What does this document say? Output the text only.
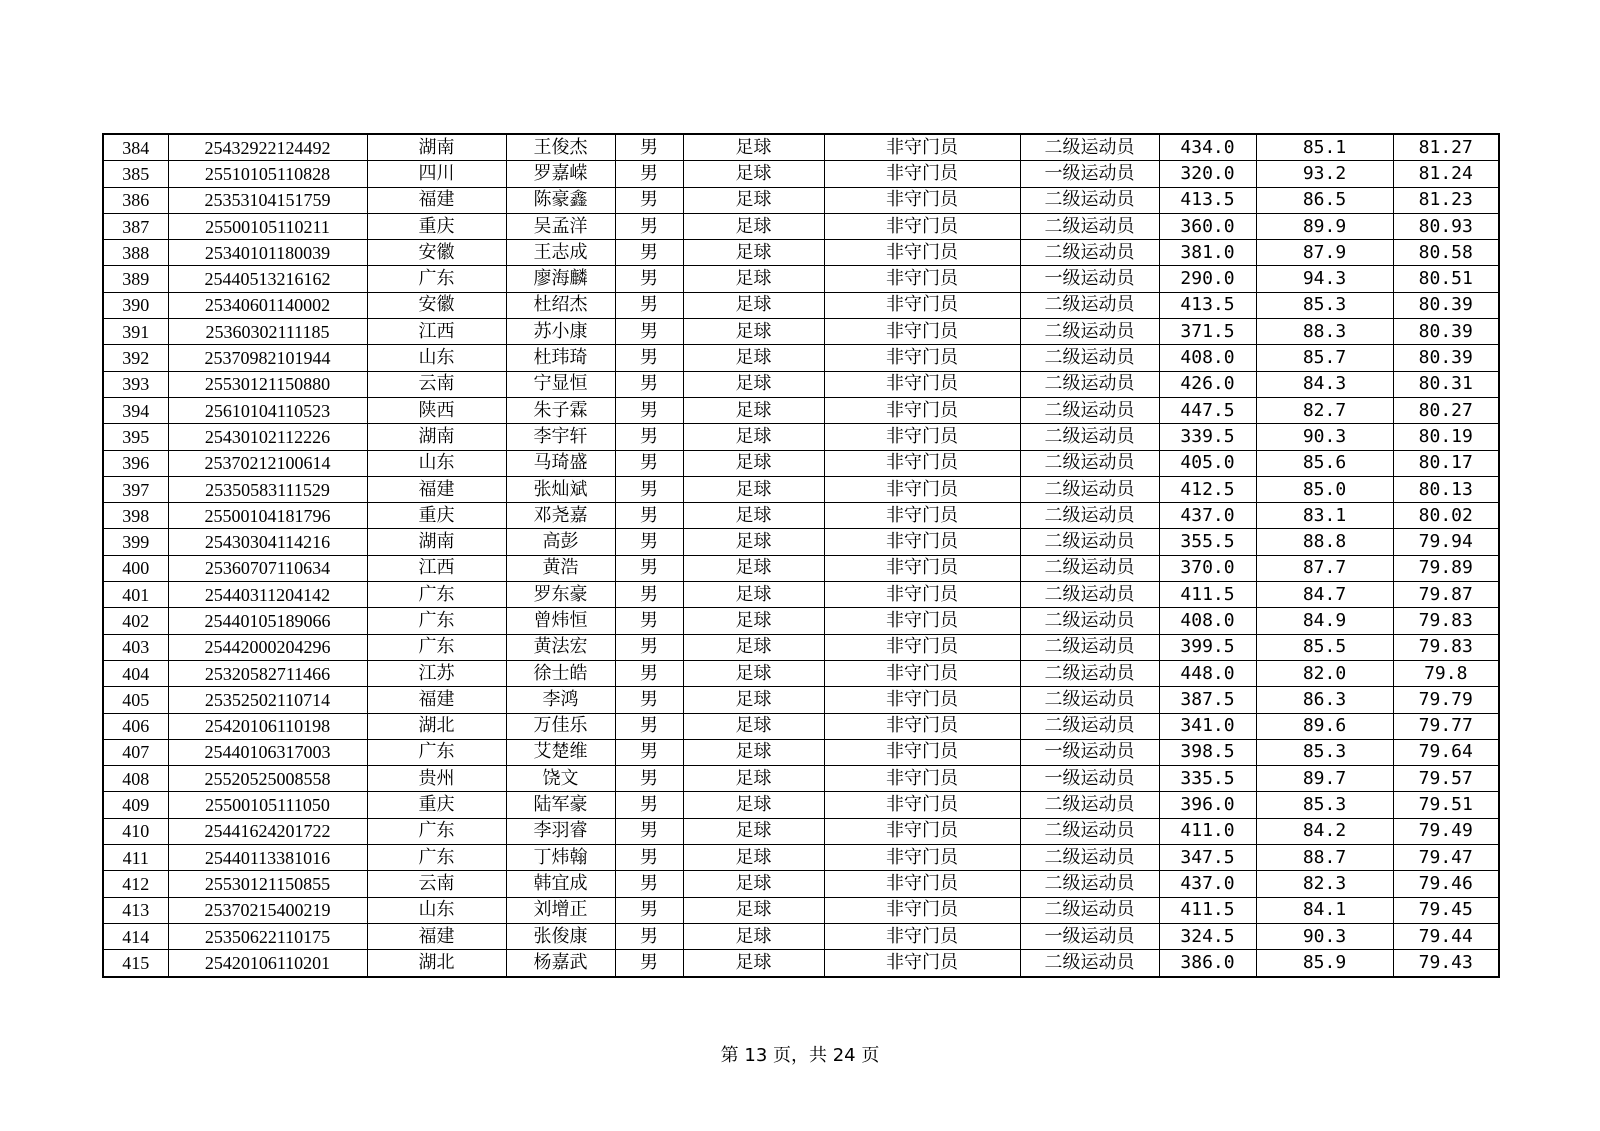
384	25432922124492	湖南	王俊杰	男	足球	非守门员	二级运动员	434.0	85.1	81.27
385	25510105110828	四川	罗嘉嵘	男	足球	非守门员	一级运动员	320.0	93.2	81.24
386	25353104151759	福建	陈豪鑫	男	足球	非守门员	二级运动员	413.5	86.5	81.23
387	25500105110211	重庆	吴孟洋	男	足球	非守门员	二级运动员	360.0	89.9	80.93
388	25340101180039	安徽	王志成	男	足球	非守门员	二级运动员	381.0	87.9	80.58
389	25440513216162	广东	廖海麟	男	足球	非守门员	一级运动员	290.0	94.3	80.51
390	25340601140002	安徽	杜绍杰	男	足球	非守门员	二级运动员	413.5	85.3	80.39
391	25360302111185	江西	苏小康	男	足球	非守门员	二级运动员	371.5	88.3	80.39
392	25370982101944	山东	杜玮琦	男	足球	非守门员	二级运动员	408.0	85.7	80.39
393	25530121150880	云南	宁显恒	男	足球	非守门员	二级运动员	426.0	84.3	80.31
394	25610104110523	陕西	朱子霖	男	足球	非守门员	二级运动员	447.5	82.7	80.27
395	25430102112226	湖南	李宇轩	男	足球	非守门员	二级运动员	339.5	90.3	80.19
396	25370212100614	山东	马琦盛	男	足球	非守门员	二级运动员	405.0	85.6	80.17
397	25350583111529	福建	张灿斌	男	足球	非守门员	二级运动员	412.5	85.0	80.13
398	25500104181796	重庆	邓尧嘉	男	足球	非守门员	二级运动员	437.0	83.1	80.02
399	25430304114216	湖南	高彭	男	足球	非守门员	二级运动员	355.5	88.8	79.94
400	25360707110634	江西	黄浩	男	足球	非守门员	二级运动员	370.0	87.7	79.89
401	25440311204142	广东	罗东豪	男	足球	非守门员	二级运动员	411.5	84.7	79.87
402	25440105189066	广东	曾炜恒	男	足球	非守门员	二级运动员	408.0	84.9	79.83
403	25442000204296	广东	黄法宏	男	足球	非守门员	二级运动员	399.5	85.5	79.83
404	25320582711466	江苏	徐士皓	男	足球	非守门员	二级运动员	448.0	82.0	79.8
405	25352502110714	福建	李鸿	男	足球	非守门员	二级运动员	387.5	86.3	79.79
406	25420106110198	湖北	万佳乐	男	足球	非守门员	二级运动员	341.0	89.6	79.77
407	25440106317003	广东	艾楚维	男	足球	非守门员	一级运动员	398.5	85.3	79.64
408	25520525008558	贵州	饶文	男	足球	非守门员	一级运动员	335.5	89.7	79.57
409	25500105111050	重庆	陆军豪	男	足球	非守门员	二级运动员	396.0	85.3	79.51
410	25441624201722	广东	李羽睿	男	足球	非守门员	二级运动员	411.0	84.2	79.49
411	25440113381016	广东	丁炜翰	男	足球	非守门员	二级运动员	347.5	88.7	79.47
412	25530121150855	云南	韩宜成	男	足球	非守门员	二级运动员	437.0	82.3	79.46
413	25370215400219	山东	刘增正	男	足球	非守门员	二级运动员	411.5	84.1	79.45
414	25350622110175	福建	张俊康	男	足球	非守门员	一级运动员	324.5	90.3	79.44
415	25420106110201	湖北	杨嘉武	男	足球	非守门员	二级运动员	386.0	85.9	79.43
第 13 页，共 24 页
